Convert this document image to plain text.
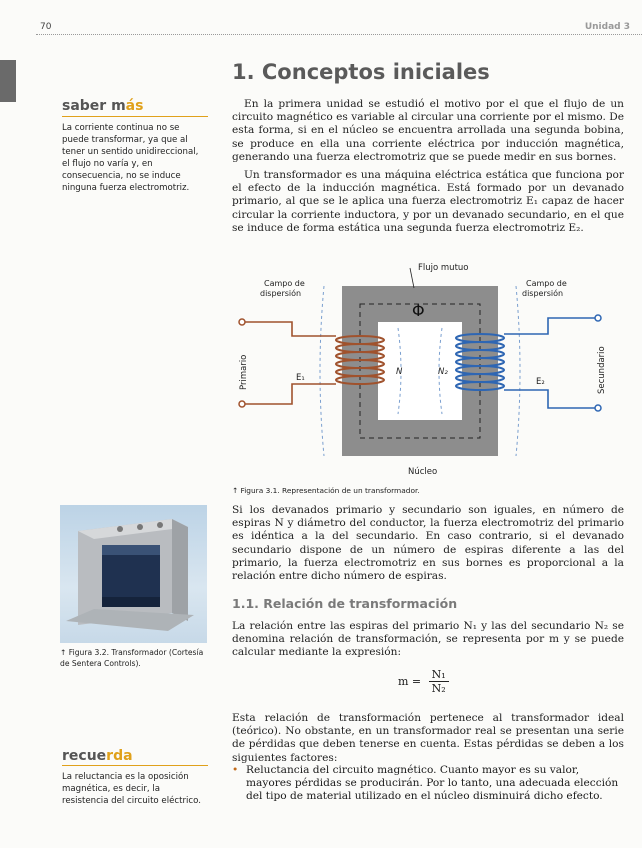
70	Unidad 3
saber más
La corriente continua no se puede transformar, ya que al tener un sentido unidireccional, el flujo no varía y, en consecuencia, no se induce ninguna fuerza electromotriz.
↑ Figura 3.2. Transformador (Cortesía de Sentera Controls).
recuerda
La reluctancia es la oposición magnética, es decir, la resistencia del circuito eléctrico.
1. Conceptos iniciales

En la primera unidad se estudió el motivo por el que el flujo de un circuito magnético es variable al circular una corriente por el mismo. De esta forma, si en el núcleo se encuentra arrollada una segunda bobina, se produce en ella una corriente eléctrica por inducción magnética, generando una fuerza electromotriz que se puede medir en sus bornes.

Un transformador es una máquina eléctrica estática que funciona por el efecto de la inducción magnética. Está formado por un devanado primario, al que se le aplica una fuerza electromotriz E₁ capaz de hacer circular la corriente inductora, y por un devanado secundario, en el que se induce de forma estática una segunda fuerza electromotriz E₂.

Flujo mutuo
Campo de dispersión
Campo de dispersión
Φ
E₁
N	N₂
E₂
Primario	Secundario
Núcleo
↑ Figura 3.1. Representación de un transformador.

Si los devanados primario y secundario son iguales, en número de espiras N y diámetro del conductor, la fuerza electromotriz del primario es idéntica a la del secundario. En caso contrario, si el devanado secundario dispone de un número de espiras diferente a las del primario, la fuerza electromotriz en sus bornes es proporcional a la relación entre dicho número de espiras.

1.1. Relación de transformación

La relación entre las espiras del primario N₁ y las del secundario N₂ se denomina relación de transformación, se representa por m y se puede calcular mediante la expresión:

$m = \frac{\text{N₁}}{\text{N₂}}$

Esta relación de transformación pertenece al transformador ideal (teórico). No obstante, en un transformador real se presentan una serie de pérdidas que deben tenerse en cuenta. Estas pérdidas se deben a los siguientes factores:

• Reluctancia del circuito magnético. Cuanto mayor es su valor, mayores pérdidas se producirán. Por lo tanto, una adecuada elección del tipo de material utilizado en el núcleo disminuirá dicho efecto.
